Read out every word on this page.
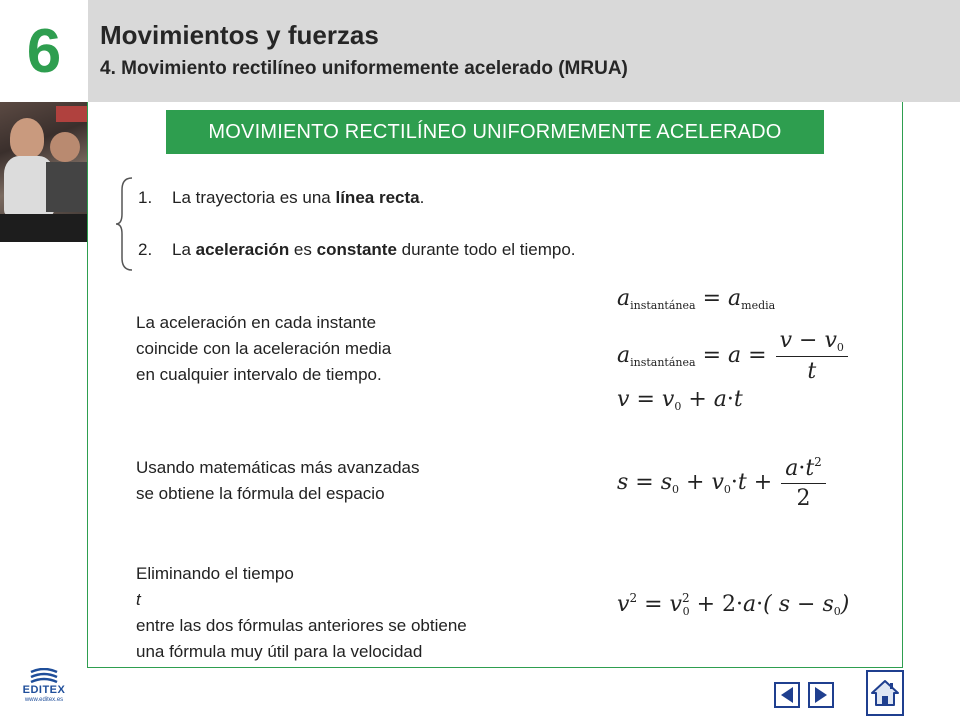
6	Movimientos y fuerzas
4. Movimiento rectilíneo uniformemente acelerado (MRUA)
MOVIMIENTO RECTILÍNEO UNIFORMEMENTE ACELERADO
1. La trayectoria es una línea recta.
2. La aceleración es constante durante todo el tiempo.
La aceleración en cada instante
coincide con la aceleración media
en cualquier intervalo de tiempo.
Usando matemáticas más avanzadas
se obtiene la fórmula del espacio
Eliminando el tiempo
t
entre las dos fórmulas anteriores se obtiene
una fórmula muy útil para la velocidad
$a_{instantánea} = a_{media}$
$a_{instantánea} = a = \frac{v - v_0}{t}$
$v = v_0 + a\cdot t$
$s = s_0 + v_0\cdot t + \frac{a\cdot t^2}{2}$
$v^2 = v^2_0 + 2\cdot a\cdot$( $s - s_0$)
EDITEX
www.editex.es
